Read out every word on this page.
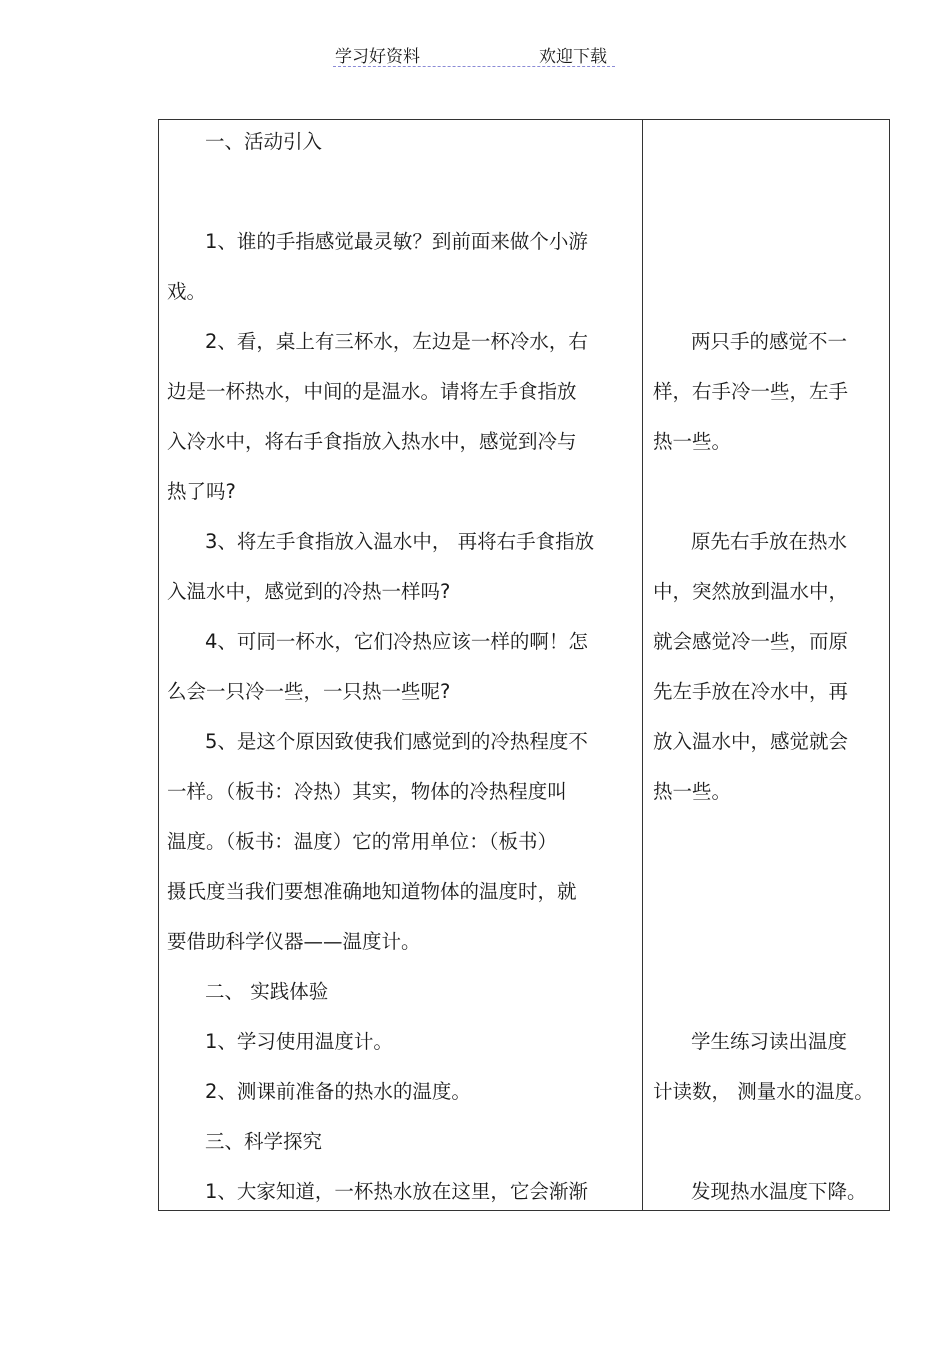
学习好资料	欢迎下载
一、活动引入
1、谁的手指感觉最灵敏？到前面来做个小游
戏。
2、看，桌上有三杯水，左边是一杯冷水，右
边是一杯热水，中间的是温水。请将左手食指放
入冷水中，将右手食指放入热水中，感觉到冷与
热了吗?
3、将左手食指放入温水中， 再将右手食指放
入温水中，感觉到的冷热一样吗?
4、可同一杯水，它们冷热应该一样的啊！怎
么会一只冷一些，一只热一些呢?
5、是这个原因致使我们感觉到的冷热程度不
一样。（板书：冷热）其实，物体的冷热程度叫
温度。（板书：温度）它的常用单位：（板书）
摄氏度当我们要想准确地知道物体的温度时，就
要借助科学仪器——温度计。
二、 实践体验
1、学习使用温度计。
2、测课前准备的热水的温度。
三、科学探究
1、大家知道，一杯热水放在这里，它会渐渐
两只手的感觉不一
样，右手冷一些，左手
热一些。
原先右手放在热水
中，突然放到温水中，
就会感觉冷一些，而原
先左手放在冷水中，再
放入温水中，感觉就会
热一些。
学生练习读出温度
计读数， 测量水的温度。
发现热水温度下降。
